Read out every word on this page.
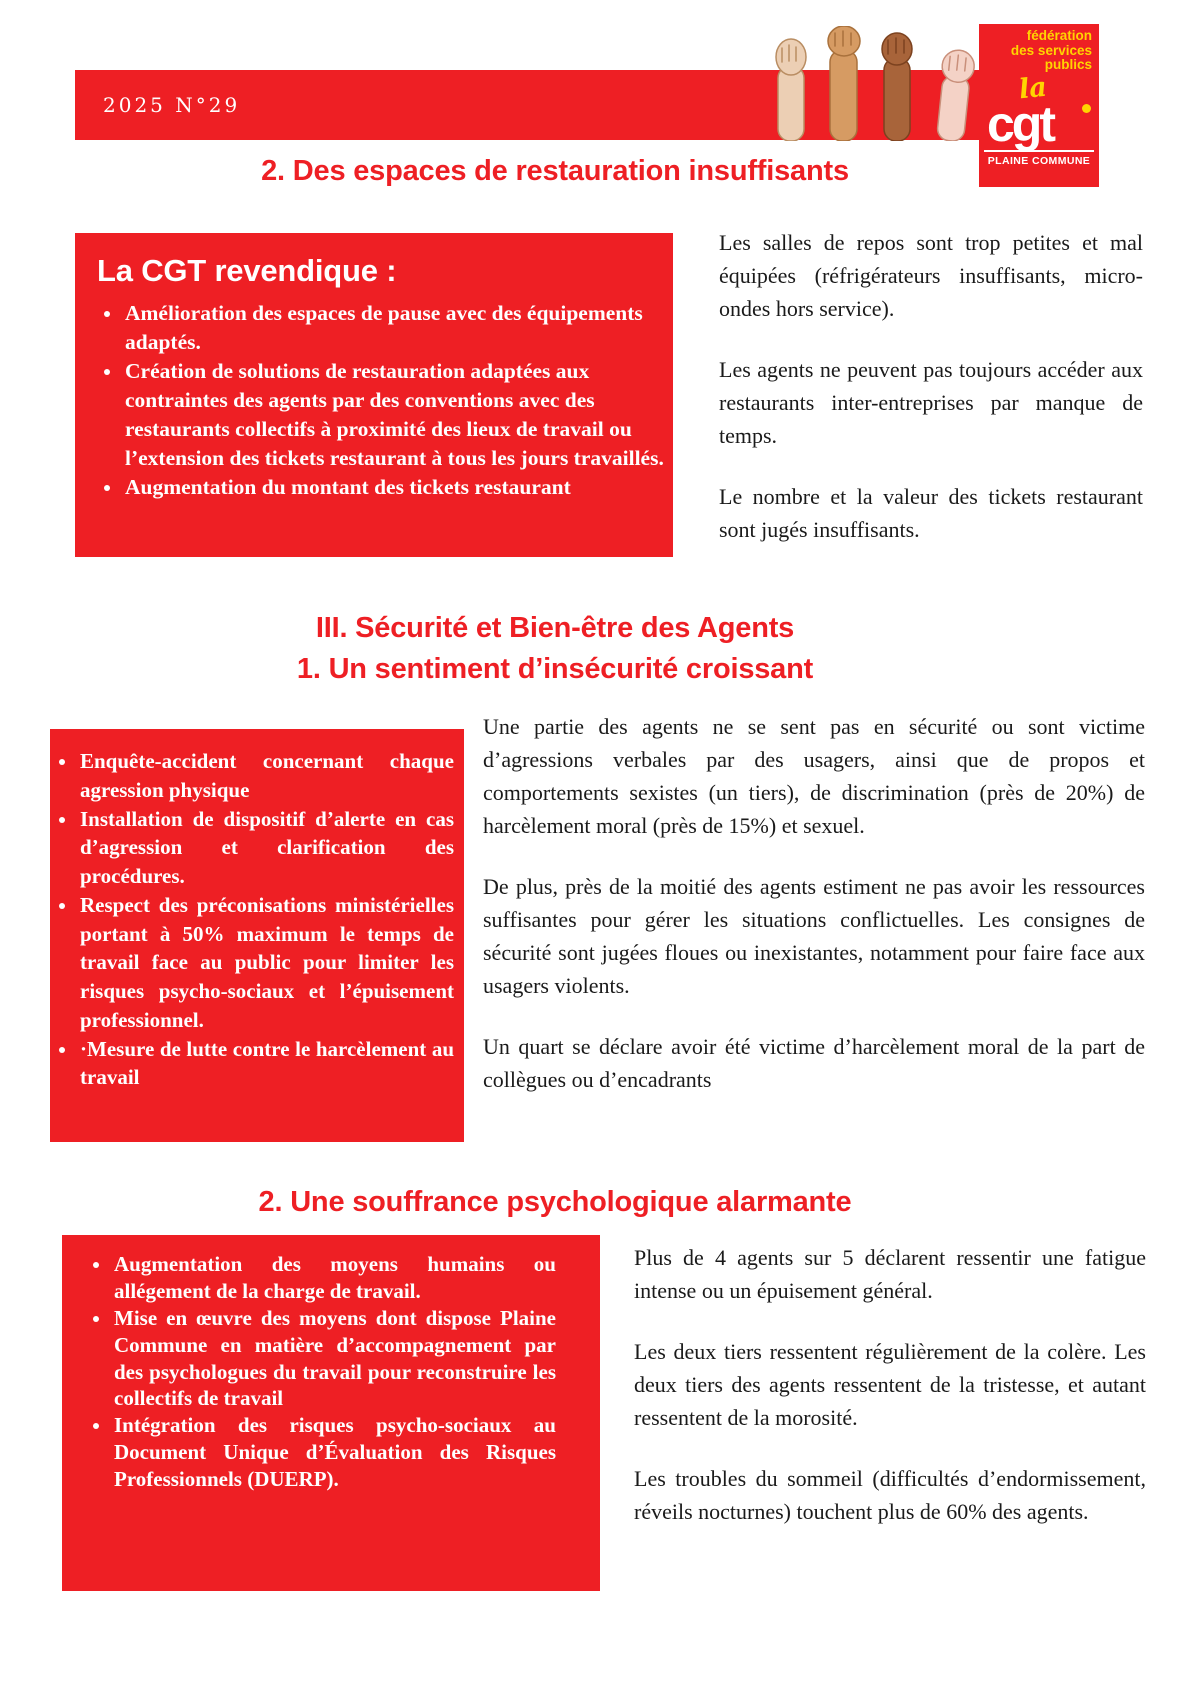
2025 N°29
fédération
des services
publics
la
cgt
PLAINE COMMUNE
2. Des espaces de restauration insuffisants
La CGT revendique :
• Amélioration des espaces de pause avec des équipements adaptés.
• Création de solutions de restauration adaptées aux contraintes des agents par des conventions avec des restaurants collectifs à proximité des lieux de travail ou l’extension des tickets restaurant à tous les jours travaillés.
• Augmentation du montant des tickets restaurant

Les salles de repos sont trop petites et mal équipées (réfrigérateurs insuffisants, micro-ondes hors service).

Les agents ne peuvent pas toujours accéder aux restaurants inter-entreprises par manque de temps.

Le nombre et la valeur des tickets restaurant sont jugés insuffisants.

III. Sécurité et Bien-être des Agents
1. Un sentiment d’insécurité croissant
• Enquête-accident concernant chaque agression physique
• Installation de dispositif d’alerte en cas d’agression et clarification des procédures.
• Respect des préconisations ministérielles portant à 50% maximum le temps de travail face au public pour limiter les risques psycho-sociaux et l’épuisement professionnel.
• ·Mesure de lutte contre le harcèlement au travail

Une partie des agents ne se sent pas en sécurité ou sont victime d’agressions verbales par des usagers, ainsi que de propos et comportements sexistes (un tiers), de discrimination (près de 20%) de harcèlement moral (près de 15%) et sexuel.

De plus, près de la moitié des agents estiment ne pas avoir les ressources suffisantes pour gérer les situations conflictuelles. Les consignes de sécurité sont jugées floues ou inexistantes, notamment pour faire face aux usagers violents.

Un quart se déclare avoir été victime d’harcèlement moral de la part de collègues ou d’encadrants

2. Une souffrance psychologique alarmante
• Augmentation des moyens humains ou allégement de la charge de travail.
• Mise en œuvre des moyens dont dispose Plaine Commune en matière d’accompagnement par des psychologues du travail pour reconstruire les collectifs de travail
• Intégration des risques psycho-sociaux au Document Unique d’Évaluation des Risques Professionnels (DUERP).

Plus de 4 agents sur 5 déclarent ressentir une fatigue intense ou un épuisement général.

Les deux tiers ressentent régulièrement de la colère. Les deux tiers des agents ressentent de la tristesse, et autant ressentent de la morosité.

Les troubles du sommeil (difficultés d’endormissement, réveils nocturnes) touchent plus de 60% des agents.
